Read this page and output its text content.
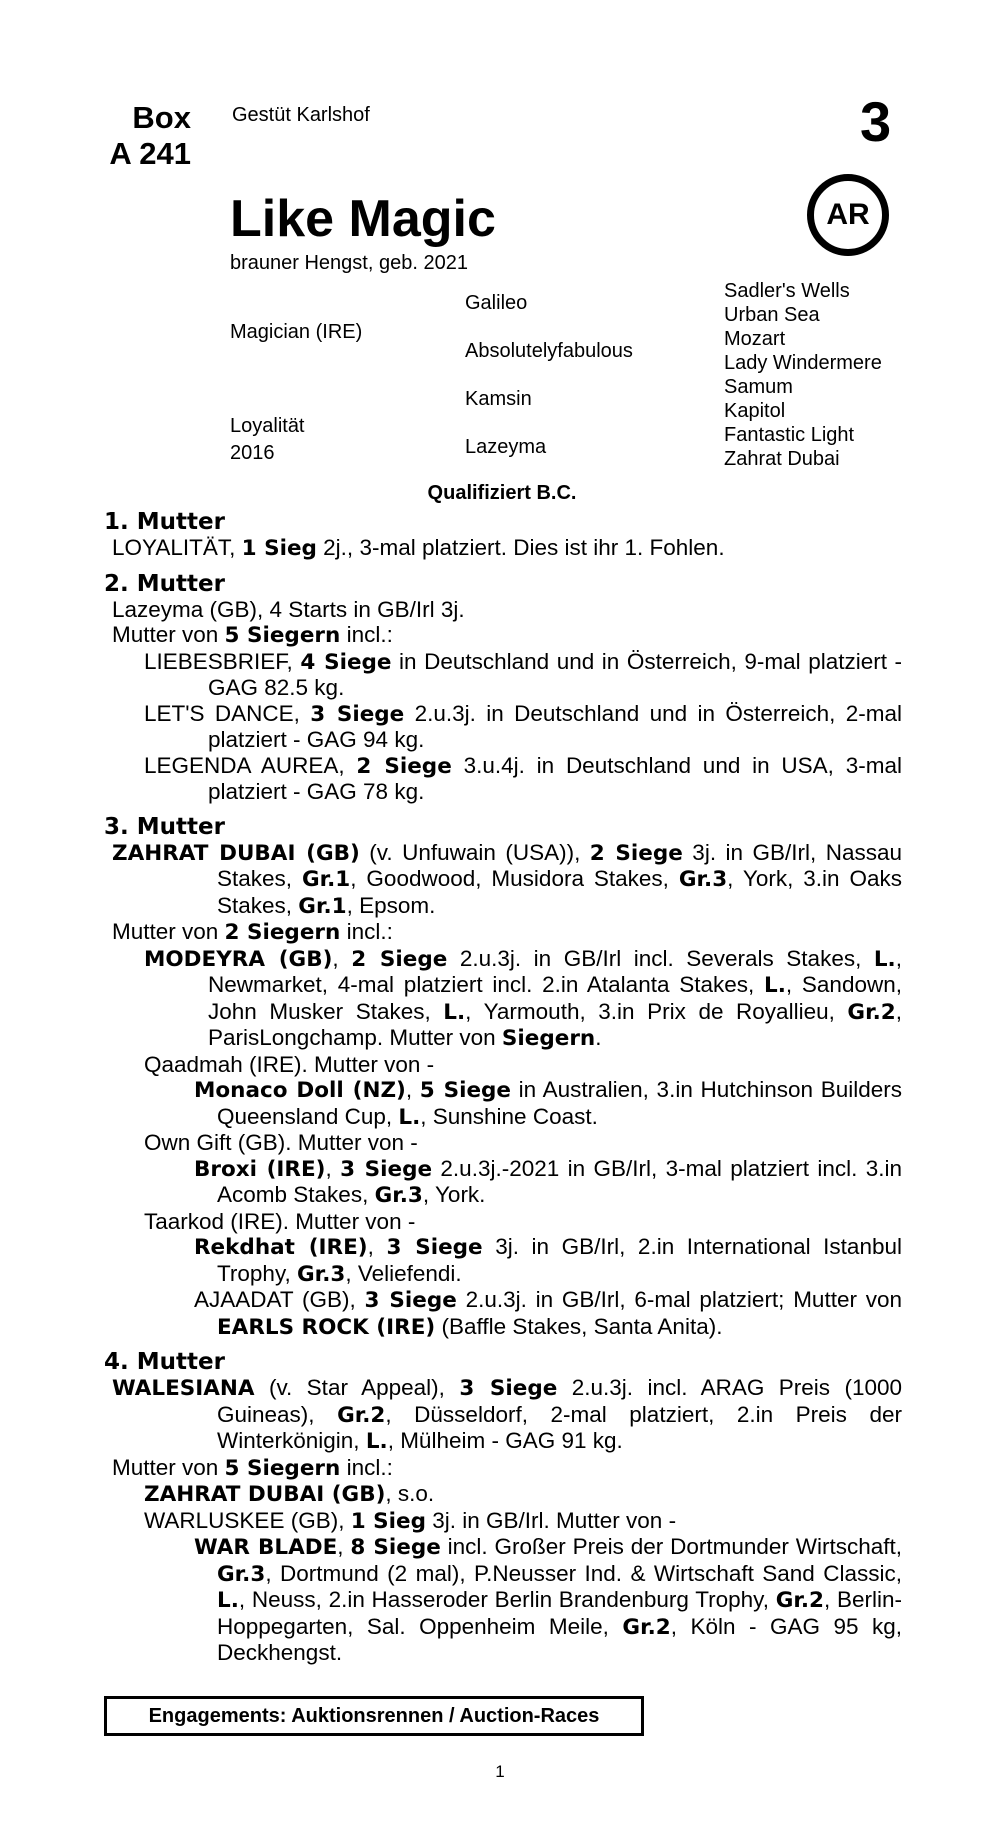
Box
A 241
Gestüt Karlshof	3
Like Magic	AR
brauner Hengst, geb. 2021
Magician (IRE)
Loyalität
2016
Galileo
Absolutelyfabulous
Kamsin
Lazeyma
Sadler's Wells
Urban Sea
Mozart
Lady Windermere
Samum
Kapitol
Fantastic Light
Zahrat Dubai
Qualifiziert B.C.
1. Mutter

LOYALITÄT, 1 Sieg 2j., 3-mal platziert. Dies ist ihr 1. Fohlen.

2. Mutter

Lazeyma (GB), 4 Starts in GB/Irl 3j.

Mutter von 5 Siegern incl.:

LIEBESBRIEF, 4 Siege in Deutschland und in Österreich, 9-mal platziert - GAG 82.5 kg.

LET'S DANCE, 3 Siege 2.u.3j. in Deutschland und in Österreich, 2-mal platziert - GAG 94 kg.

LEGENDA AUREA, 2 Siege 3.u.4j. in Deutschland und in USA, 3-mal platziert - GAG 78 kg.

3. Mutter

ZAHRAT DUBAI (GB) (v. Unfuwain (USA)), 2 Siege 3j. in GB/Irl, Nassau Stakes, Gr.1, Goodwood, Musidora Stakes, Gr.3, York, 3.in Oaks Stakes, Gr.1, Epsom.

Mutter von 2 Siegern incl.:

MODEYRA (GB), 2 Siege 2.u.3j. in GB/Irl incl. Severals Stakes, L., Newmarket, 4-mal platziert incl. 2.in Atalanta Stakes, L., Sandown, John Musker Stakes, L., Yarmouth, 3.in Prix de Royallieu, Gr.2, ParisLongchamp. Mutter von Siegern.

Qaadmah (IRE). Mutter von -

Monaco Doll (NZ), 5 Siege in Australien, 3.in Hutchinson Builders Queensland Cup, L., Sunshine Coast.

Own Gift (GB). Mutter von -

Broxi (IRE), 3 Siege 2.u.3j.-2021 in GB/Irl, 3-mal platziert incl. 3.in Acomb Stakes, Gr.3, York.

Taarkod (IRE). Mutter von -

Rekdhat (IRE), 3 Siege 3j. in GB/Irl, 2.in International Istanbul Trophy, Gr.3, Veliefendi.

AJAADAT (GB), 3 Siege 2.u.3j. in GB/Irl, 6-mal platziert; Mutter von EARLS ROCK (IRE) (Baffle Stakes, Santa Anita).

4. Mutter

WALESIANA (v. Star Appeal), 3 Siege 2.u.3j. incl. ARAG Preis (1000 Guineas), Gr.2, Düsseldorf, 2-mal platziert, 2.in Preis der Winterkönigin, L., Mülheim - GAG 91 kg.

Mutter von 5 Siegern incl.:

ZAHRAT DUBAI (GB), s.o.

WARLUSKEE (GB), 1 Sieg 3j. in GB/Irl. Mutter von -

WAR BLADE, 8 Siege incl. Großer Preis der Dortmunder Wirtschaft, Gr.3, Dortmund (2 mal), P.Neusser Ind. & Wirtschaft Sand Classic, L., Neuss, 2.in Hasseroder Berlin Brandenburg Trophy, Gr.2, Berlin-Hoppegarten, Sal. Oppenheim Meile, Gr.2, Köln - GAG 95 kg, Deckhengst.

Engagements: Auktionsrennen / Auction-Races
1
